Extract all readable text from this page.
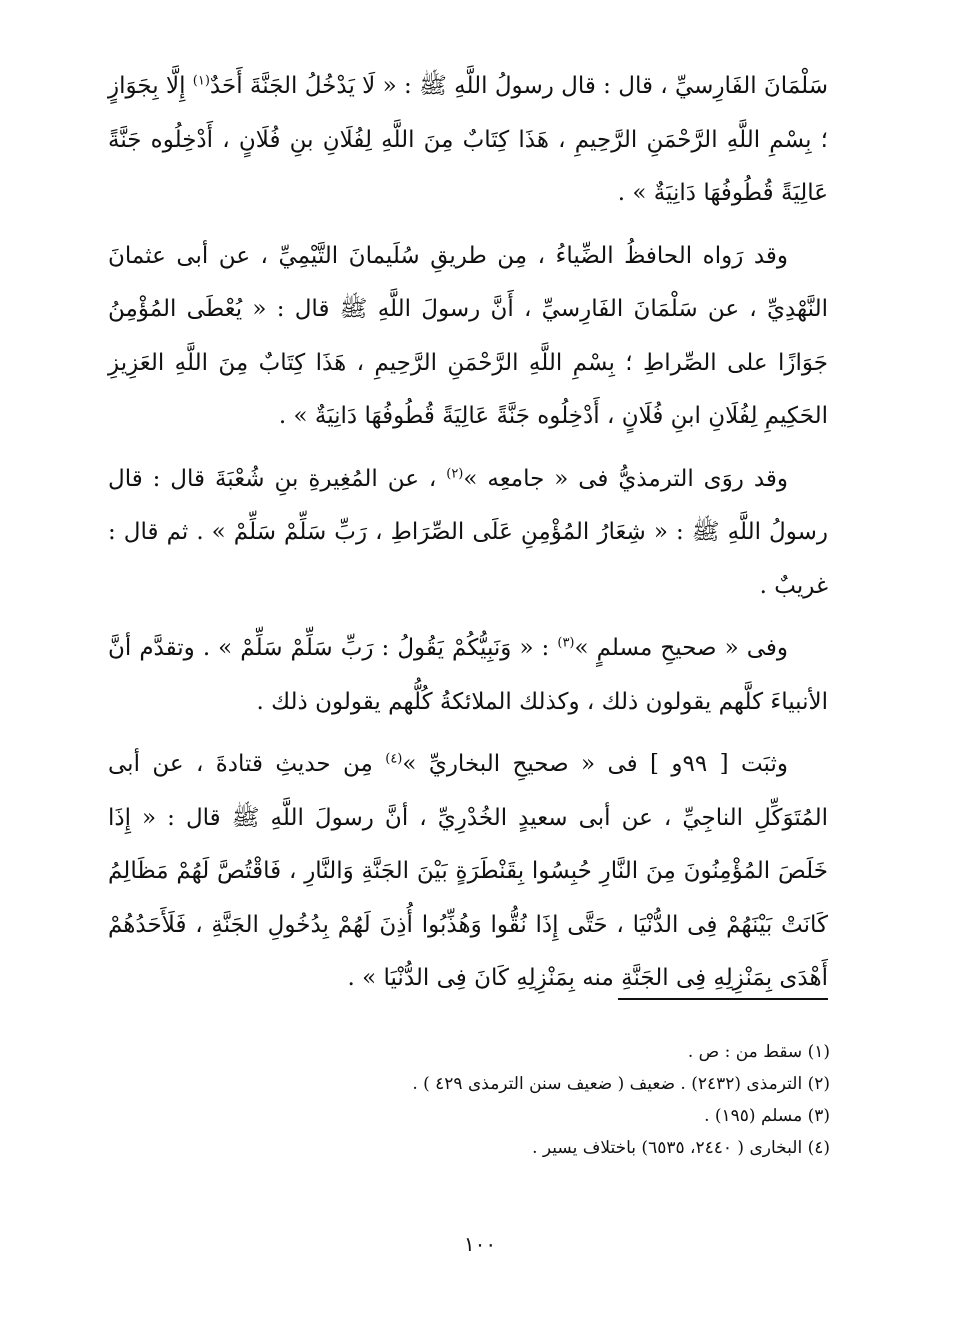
سَلْمَانَ الفَارِسيِّ ، قال : قال رسولُ اللَّهِ ﷺ : « لَا يَدْخُلُ الجَنَّةَ أَحَدٌ$^{(١)}$ إِلَّا بِجَوَازٍ ؛ بِسْمِ اللَّهِ الرَّحْمَنِ الرَّحِيمِ ، هَذَا كِتَابٌ مِنَ اللَّهِ لِفُلَانِ بنِ فُلَانٍ ، أَدْخِلُوه جَنَّةً عَالِيَةً قُطُوفُهَا دَانِيَةٌ » .

وقد رَواه الحافظُ الضِّياءُ ، مِن طريقِ سُلَيمانَ التَّيْمِيِّ ، عن أبى عثمانَ النَّهْدِيِّ ، عن سَلْمَانَ الفَارِسيِّ ، أَنَّ رسولَ اللَّهِ ﷺ قال : « يُعْطَى المُؤْمِنُ جَوَازًا على الصِّراطِ ؛ بِسْمِ اللَّهِ الرَّحْمَنِ الرَّحِيمِ ، هَذَا كِتَابٌ مِنَ اللَّهِ العَزِيزِ الحَكِيمِ لِفُلَانِ ابنِ فُلَانٍ ، أَدْخِلُوه جَنَّةً عَالِيَةً قُطُوفُهَا دَانِيَةٌ » .

وقد روَى الترمذيُّ فى « جامعِه »$^{(٢)}$ ، عن المُغِيرةِ بنِ شُعْبَةَ قال : قال رسولُ اللَّهِ ﷺ : « شِعَارُ المُؤْمِنِ عَلَى الصِّرَاطِ ، رَبِّ سَلِّمْ سَلِّمْ » . ثم قال : غريبٌ .

وفى « صحيحِ مسلمٍ »$^{(٣)}$ : « وَنَبِيُّكُمْ يَقُولُ : رَبِّ سَلِّمْ سَلِّمْ » . وتقدَّم أنَّ الأنبياءَ كلَّهم يقولون ذلك ، وكذلك الملائكةُ كُلُّهم يقولون ذلك .

وثبَت [ ٩٩و ] فى « صحيحِ البخاريِّ »$^{(٤)}$ مِن حديثِ قتادةَ ، عن أبى المُتَوَكِّلِ الناجِيِّ ، عن أبى سعيدٍ الخُدْرِيِّ ، أنَّ رسولَ اللَّهِ ﷺ قال : « إِذَا خَلَصَ المُؤْمِنُونَ مِنَ النَّارِ حُبِسُوا بِقَنْطَرَةٍ بَيْنَ الجَنَّةِ وَالنَّارِ ، فَاقْتُصَّ لَهُمْ مَظَالِمُ كَانَتْ بَيْنَهُمْ فِى الدُّنْيَا ، حَتَّى إِذَا نُقُّوا وَهُذِّبُوا أُذِنَ لَهُمْ بِدُخُولِ الجَنَّةِ ، فَلَأَحَدُهُمْ أَهْدَى بِمَنْزِلِهِ فِى الجَنَّةِ منه بِمَنْزِلِهِ كَانَ فِى الدُّنْيَا » .

(١) سقط من : ص .

(٢) الترمذى (٢٤٣٢) . ضعيف ( ضعيف سنن الترمذى ٤٢٩ ) .

(٣) مسلم (١٩٥) .

(٤) البخارى ( ٢٤٤٠، ٦٥٣٥) باختلاف يسير .

١٠٠
